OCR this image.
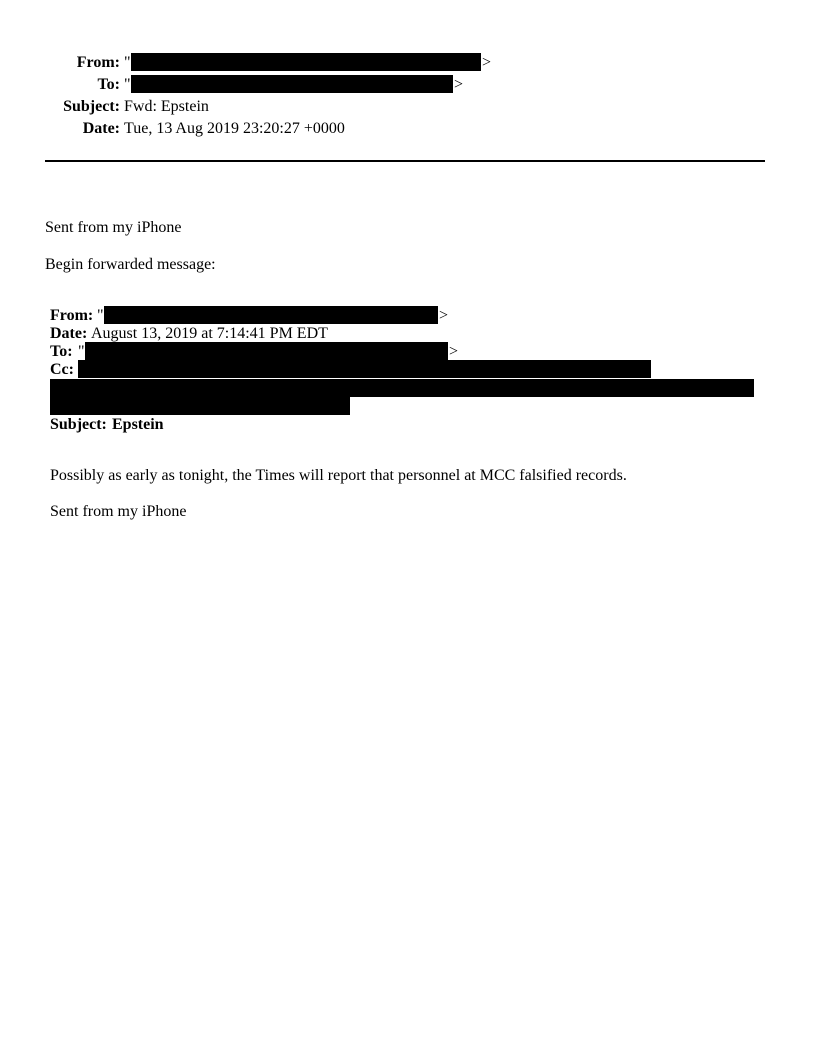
From: "	>
To: "	>
Subject: Fwd: Epstein
Date: Tue, 13 Aug 2019 23:20:27 +0000
Sent from my iPhone
Begin forwarded message:
From: "	>
Date: August 13, 2019 at 7:14:41 PM EDT
To: "	>
Cc:
Subject: Epstein
Possibly as early as tonight, the Times will report that personnel at MCC falsified records.
Sent from my iPhone
